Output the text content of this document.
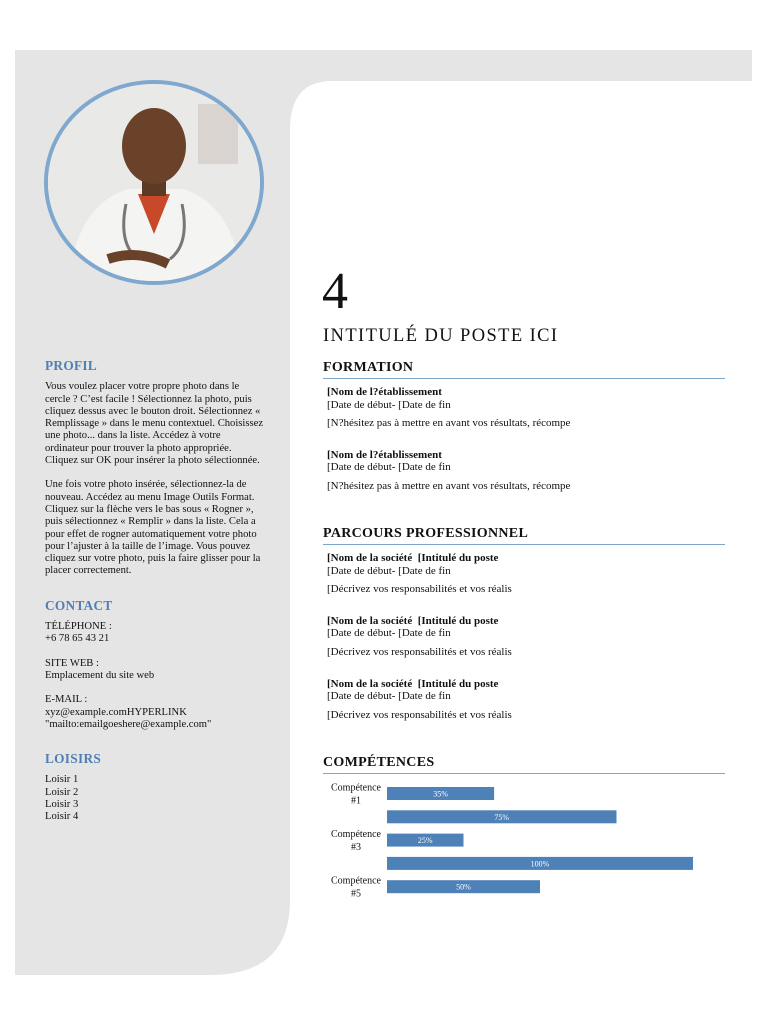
PROFIL

Vous voulez placer votre propre photo dans le cercle ? C’est facile ! Sélectionnez la photo, puis cliquez dessus avec le bouton droit. Sélectionnez « Remplissage » dans le menu contextuel. Choisissez une photo... dans la liste. Accédez à votre ordinateur pour trouver la photo appropriée. Cliquez sur OK pour insérer la photo sélectionnée.

Une fois votre photo insérée, sélectionnez-la de nouveau. Accédez au menu Image Outils Format. Cliquez sur la flèche vers le bas sous « Rogner », puis sélectionnez « Remplir » dans la liste. Cela a pour effet de rogner automatiquement votre photo pour l’ajuster à la taille de l’image. Vous pouvez cliquez sur votre photo, puis la faire glisser pour la placer correctement.

CONTACT
TÉLÉPHONE :
+6 78 65 43 21
SITE WEB :
Emplacement du site web
E-MAIL :
xyz@example.comHYPERLINK
"mailto:emailgoeshere@example.com"
LOISIRS
Loisir 1
Loisir 2
Loisir 3
Loisir 4
4
INTITULÉ DU POSTE ICI
FORMATION
[Nom de l?établissement
[Date de début- [Date de fin
[N?hésitez pas à mettre en avant vos résultats, récompe
[Nom de l?établissement
[Date de début- [Date de fin
[N?hésitez pas à mettre en avant vos résultats, récompe
PARCOURS PROFESSIONNEL
[Nom de la société [Intitulé du poste
[Date de début- [Date de fin
[Décrivez vos responsabilités et vos réalis
[Nom de la société [Intitulé du poste
[Date de début- [Date de fin
[Décrivez vos responsabilités et vos réalis
[Nom de la société [Intitulé du poste
[Date de début- [Date de fin
[Décrivez vos responsabilités et vos réalis
COMPÉTENCES
35%
Compétence #1
75%
25%
Compétence #3
100%
50%
Compétence #5
